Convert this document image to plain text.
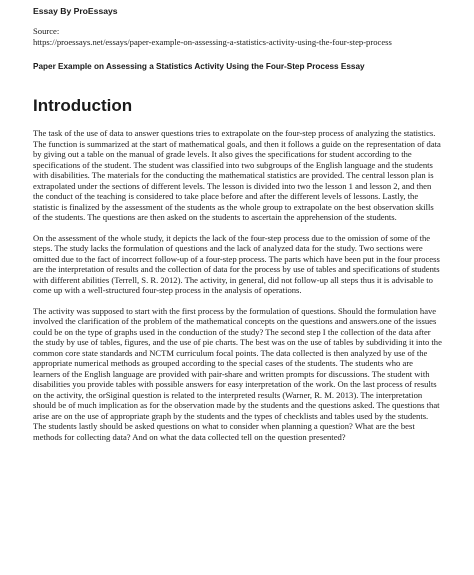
Essay By ProEssays

Source:

https://proessays.net/essays/paper-example-on-assessing-a-statistics-activity-using-the-four-step-process

Paper Example on Assessing a Statistics Activity Using the Four-Step Process Essay

Introduction

The task of the use of data to answer questions tries to extrapolate on the four-step process of analyzing the statistics. The function is summarized at the start of mathematical goals, and then it follows a guide on the representation of data by giving out a table on the manual of grade levels. It also gives the specifications for student according to the specifications of the student. The student was classified into two subgroups of the English language and the students with disabilities. The materials for the conducting the mathematical statistics are provided. The central lesson plan is extrapolated under the sections of different levels. The lesson is divided into two the lesson 1 and lesson 2, and then the conduct of the teaching is considered to take place before and after the different levels of lessons. Lastly, the statistic is finalized by the assessment of the students as the whole group to extrapolate on the best observation skills of the students. The questions are then asked on the students to ascertain the apprehension of the students.

On the assessment of the whole study, it depicts the lack of the four-step process due to the omission of some of the steps. The study lacks the formulation of questions and the lack of analyzed data for the study. Two sections were omitted due to the fact of incorrect follow-up of a four-step process. The parts which have been put in the four process are the interpretation of results and the collection of data for the process by use of tables and specifications of students with different abilities (Terrell, S. R. 2012). The activity, in general, did not follow-up all steps thus it is advisable to come up with a well-structured four-step process in the analysis of operations.

The activity was supposed to start with the first process by the formulation of questions. Should the formulation have involved the clarification of the problem of the mathematical concepts on the questions and answers.one of the issues could be on the type of graphs used in the conduction of the study? The second step I the collection of the data after the study by use of tables, figures, and the use of pie charts. The best was on the use of tables by subdividing it into the common core state standards and NCTM curriculum focal points. The data collected is then analyzed by use of the appropriate numerical methods as grouped according to the special cases of the students. The students who are learners of the English language are provided with pair-share and written prompts for discussions. The student with disabilities you provide tables with possible answers for easy interpretation of the work. On the last process of results on the activity, the orSiginal question is related to the interpreted results (Warner, R. M. 2013). The interpretation should be of much implication as for the observation made by the students and the questions asked. The questions that arise are on the use of appropriate graph by the students and the types of checklists and tables used by the students. The students lastly should be asked questions on what to consider when planning a question? What are the best methods for collecting data? And on what the data collected tell on the question presented?
